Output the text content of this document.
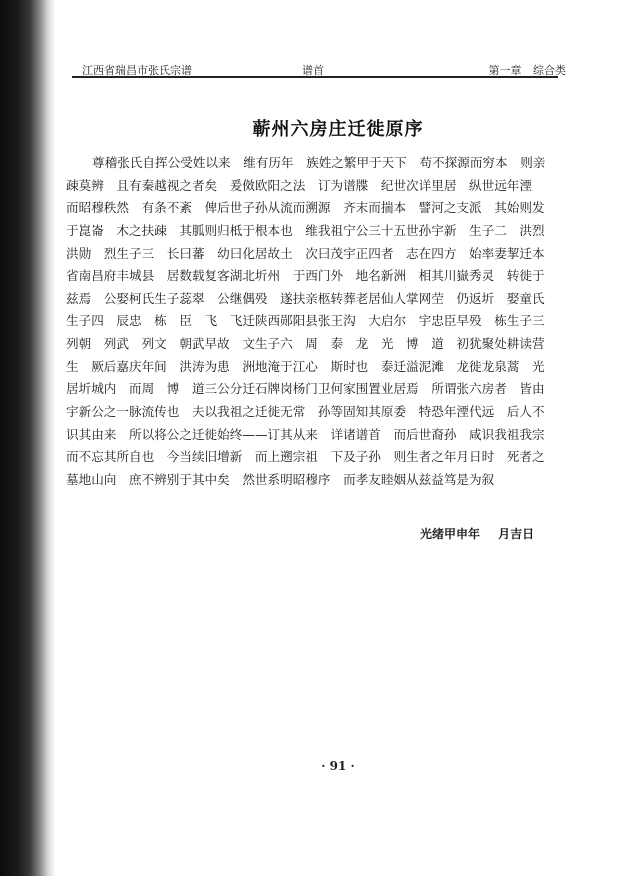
江西省瑞昌市张氏宗谱	谱首	第一章 综合类
蕲州六房庄迁徙原序
尊稽张氏自挥公受姓以来　维有历年　族姓之繁甲于天下　苟不探源而穷本　则亲
疎莫辨　且有秦越视之者矣　爰傚欧阳之法　订为谱牒　纪世次详里居　纵世远年湮
而昭穆秩然　有条不紊　俾后世子孙从流而溯源　齐末而揣本　譬河之支派　其始则发
于崑崙　木之扶疎　其胍则归柢于根本也　维我祖宁公三十五世孙宇新　生子二　洪烈
洪勋　烈生子三　长曰蕃　幼曰化居故土　次曰茂宇正四者　志在四方　始率妻挈迁本
省南昌府丰城县　居数载复客湖北圻州　于西门外　地名新洲　相其川嶽秀灵　转徙于
兹焉　公娶柯氏生子蕊翠　公继偶殁　遂扶亲柩转葬老居仙人掌网茔　仍返圻　娶童氏
生子四　辰忠　栋　臣　飞　飞迁陕西郧阳县张王沟　大启尔　宇忠臣早殁　栋生子三
列朝　列武　列文　朝武早故　文生子六　周　泰　龙　光　博　道　初犹聚处耕读营
生　厥后嘉庆年间　洪涛为患　洲地淹于江心　斯时也　泰迁溢泥滩　龙徙龙泉蒿　光
居圻城内　而周　博　道三公分迁石牌岗杨门卫何家围置业居焉　所谓张六房者　皆由
宇新公之一脉流传也　夫以我祖之迁徙无常　孙等固知其原委　特恐年湮代远　后人不
识其由来　所以将公之迁徙始终——订其从来　详诸谱首　而后世裔孙　咸识我祖我宗
而不忘其所自也　今当续旧增新　而上遡宗祖　下及子孙　则生者之年月日时　死者之
墓地山向　庶不辨别于其中矣　然世系明昭穆序　而孝友睦姻从兹益笃是为叙
光绪甲申年 月吉日
· 91 ·
